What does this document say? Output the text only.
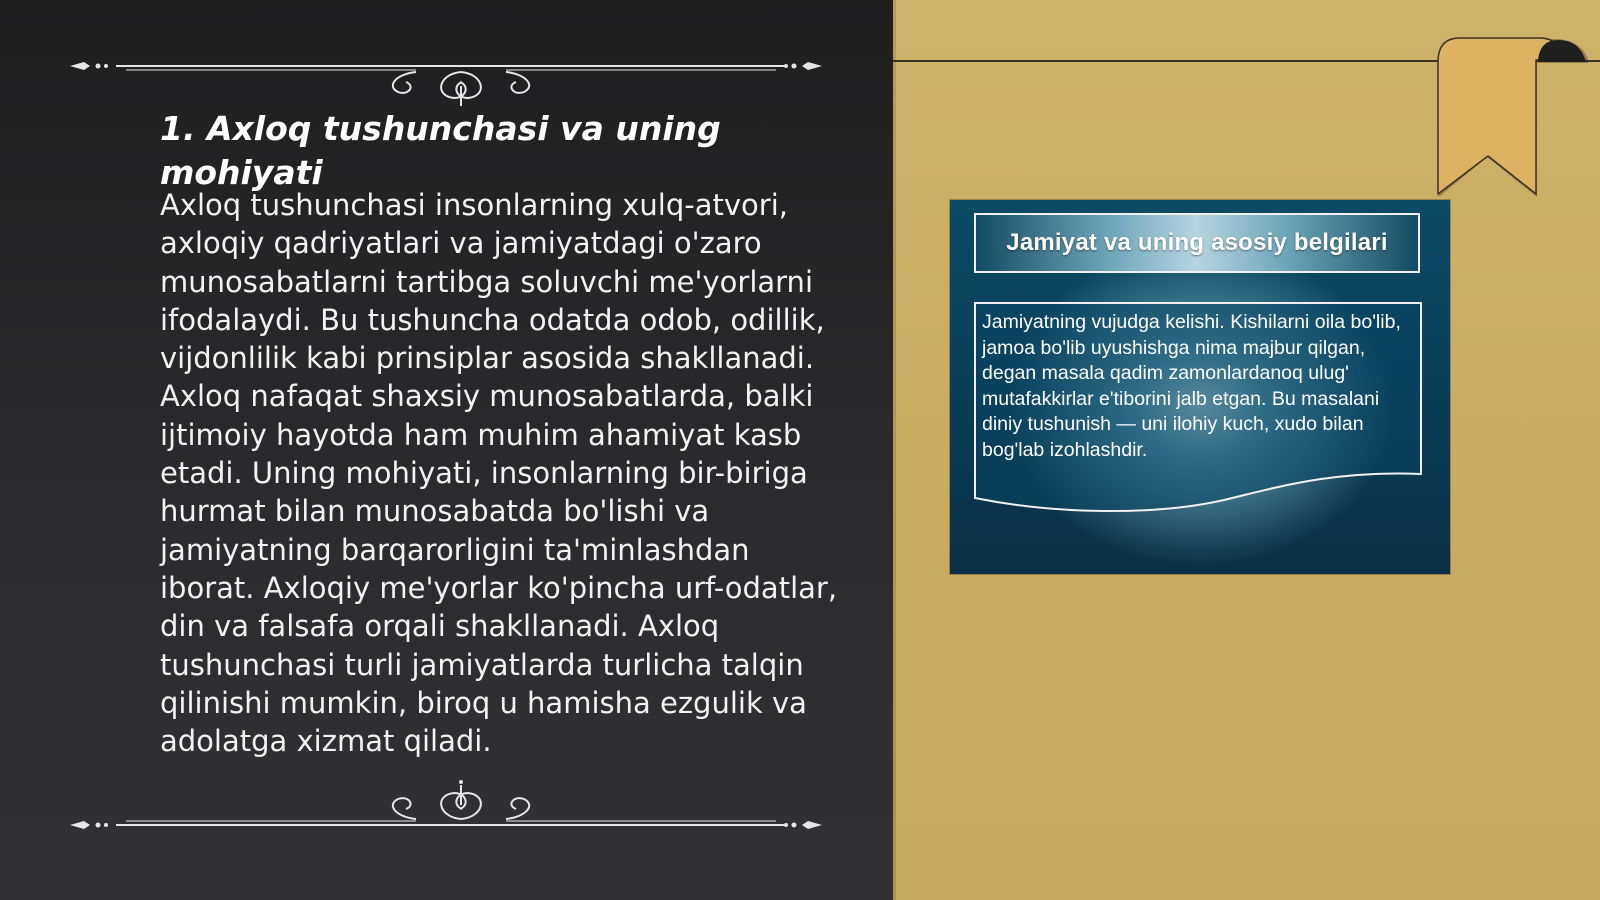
1. Axloq tushunchasi va uning mohiyati

Axloq tushunchasi insonlarning xulq-atvori, axloqiy qadriyatlari va jamiyatdagi o'zaro munosabatlarni tartibga soluvchi me'yorlarni ifodalaydi. Bu tushuncha odatda odob, odillik, vijdonlilik kabi prinsiplar asosida shakllanadi. Axloq nafaqat shaxsiy munosabatlarda, balki ijtimoiy hayotda ham muhim ahamiyat kasb etadi. Uning mohiyati, insonlarning bir-biriga hurmat bilan munosabatda bo'lishi va jamiyatning barqarorligini ta'minlashdan iborat. Axloqiy me'yorlar ko'pincha urf-odatlar, din va falsafa orqali shakllanadi. Axloq tushunchasi turli jamiyatlarda turlicha talqin qilinishi mumkin, biroq u hamisha ezgulik va adolatga xizmat qiladi.

Jamiyat va uning asosiy belgilari

Jamiyatning vujudga kelishi. Kishilarni oila bo'lib, jamoa bo'lib uyushishga nima majbur qilgan, degan masala qadim zamonlardanoq ulug' mutafakkirlar e'tiborini jalb etgan. Bu masalani diniy tushunish — uni ilohiy kuch, xudo bilan bog'lab izohlashdir.
